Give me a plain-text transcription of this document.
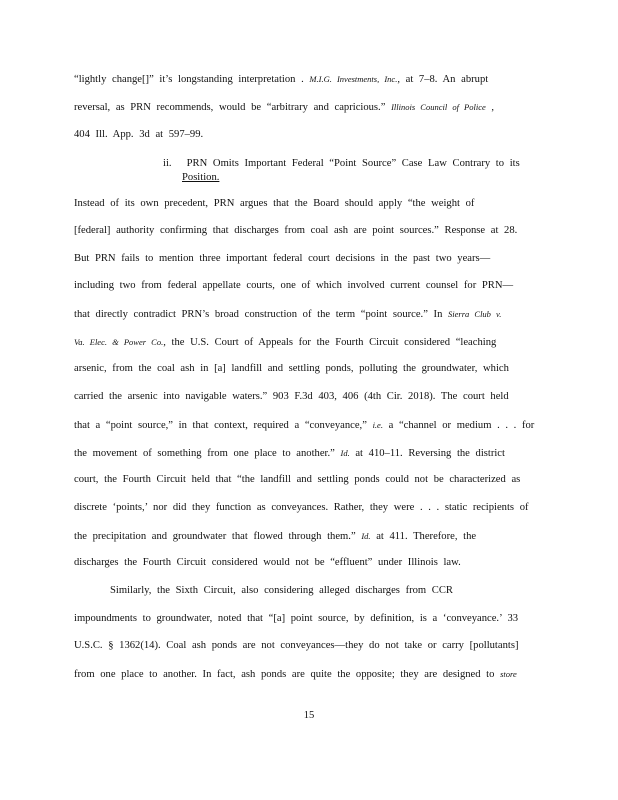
“lightly change[]” it’s longstanding interpretation . M.I.G. Investments, Inc., at 7–8. An abrupt
reversal, as PRN recommends, would be “arbitrary and capricious.” Illinois Council of Police ,
404 Ill. App. 3d at 597–99.
ii. PRN Omits Important Federal “Point Source” Case Law Contrary to its
Position.
Instead of its own precedent, PRN argues that the Board should apply “the weight of
[federal] authority confirming that discharges from coal ash are point sources.” Response at 28.
But PRN fails to mention three important federal court decisions in the past two years—
including two from federal appellate courts, one of which involved current counsel for PRN—
that directly contradict PRN’s broad construction of the term “point source.” In Sierra Club v.
Va. Elec. & Power Co., the U.S. Court of Appeals for the Fourth Circuit considered “leaching
arsenic, from the coal ash in [a] landfill and settling ponds, polluting the groundwater, which
carried the arsenic into navigable waters.” 903 F.3d 403, 406 (4th Cir. 2018). The court held
that a “point source,” in that context, required a “conveyance,” i.e. a “channel or medium . . . for
the movement of something from one place to another.” Id. at 410–11. Reversing the district
court, the Fourth Circuit held that “the landfill and settling ponds could not be characterized as
discrete ‘points,’ nor did they function as conveyances. Rather, they were . . . static recipients of
the precipitation and groundwater that flowed through them.” Id. at 411. Therefore, the
discharges the Fourth Circuit considered would not be “effluent” under Illinois law.
Similarly, the Sixth Circuit, also considering alleged discharges from CCR
impoundments to groundwater, noted that “[a] point source, by definition, is a ‘conveyance.’ 33
U.S.C. § 1362(14). Coal ash ponds are not conveyances—they do not take or carry [pollutants]
from one place to another. In fact, ash ponds are quite the opposite; they are designed to store
15
